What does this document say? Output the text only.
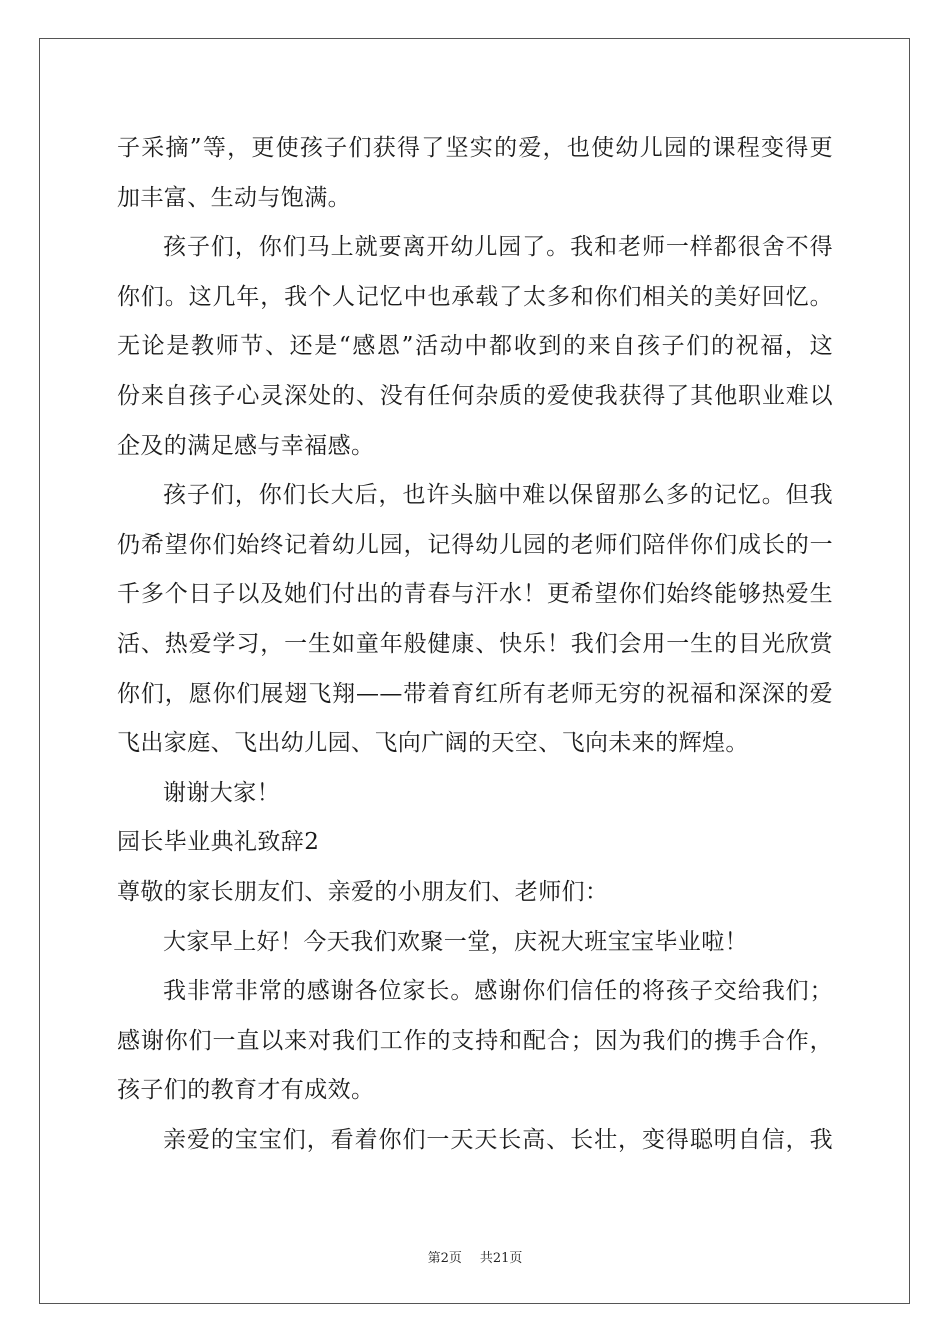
子采摘”等，更使孩子们获得了坚实的爱，也使幼儿园的课程变得更
加丰富、生动与饱满。
孩子们，你们马上就要离开幼儿园了。我和老师一样都很舍不得
你们。这几年，我个人记忆中也承载了太多和你们相关的美好回忆。
无论是教师节、还是“感恩”活动中都收到的来自孩子们的祝福，这
份来自孩子心灵深处的、没有任何杂质的爱使我获得了其他职业难以
企及的满足感与幸福感。
孩子们，你们长大后，也许头脑中难以保留那么多的记忆。但我
仍希望你们始终记着幼儿园，记得幼儿园的老师们陪伴你们成长的一
千多个日子以及她们付出的青春与汗水！更希望你们始终能够热爱生
活、热爱学习，一生如童年般健康、快乐！我们会用一生的目光欣赏
你们，愿你们展翅飞翔——带着育红所有老师无穷的祝福和深深的爱
飞出家庭、飞出幼儿园、飞向广阔的天空、飞向未来的辉煌。
谢谢大家！
园长毕业典礼致辞2
尊敬的家长朋友们、亲爱的小朋友们、老师们：
大家早上好！今天我们欢聚一堂，庆祝大班宝宝毕业啦！
我非常非常的感谢各位家长。感谢你们信任的将孩子交给我们；
感谢你们一直以来对我们工作的支持和配合；因为我们的携手合作，
孩子们的教育才有成效。
亲爱的宝宝们，看着你们一天天长高、长壮，变得聪明自信，我
第2页 共21页
